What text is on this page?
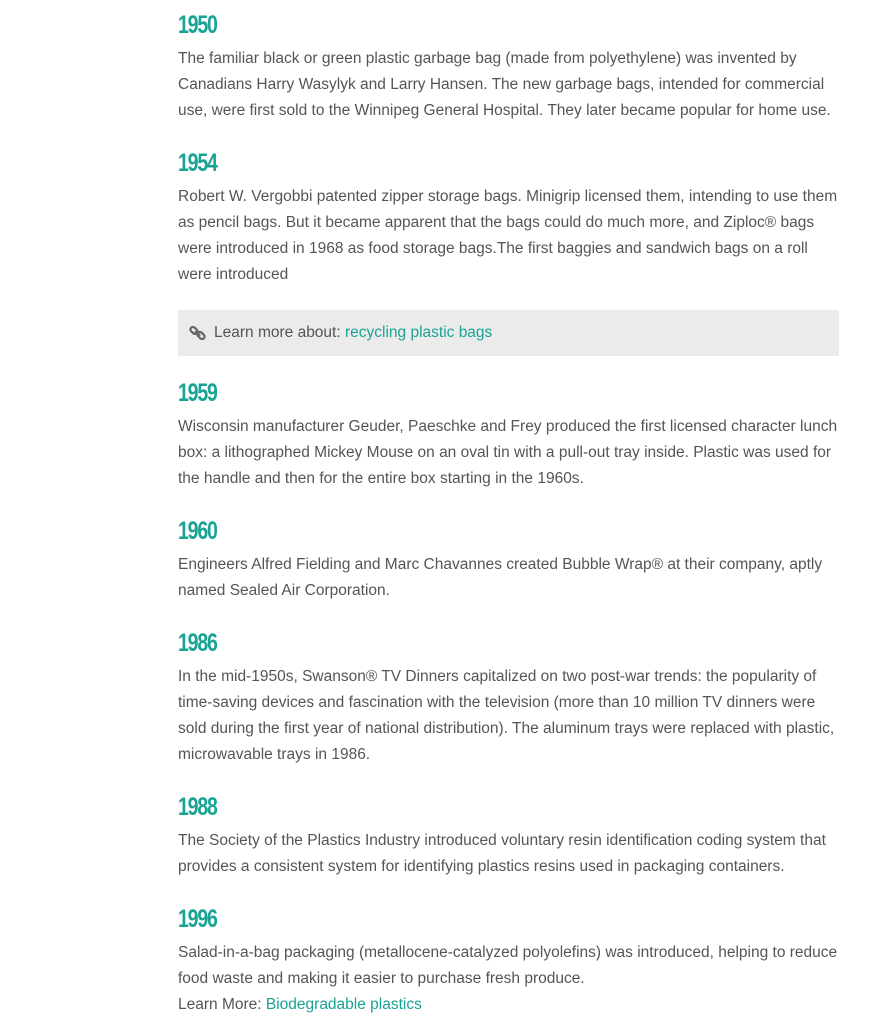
1950

The familiar black or green plastic garbage bag (made from polyethylene) was invented by Canadians Harry Wasylyk and Larry Hansen. The new garbage bags, intended for commercial use, were first sold to the Winnipeg General Hospital. They later became popular for home use.

1954

Robert W. Vergobbi patented zipper storage bags. Minigrip licensed them, intending to use them as pencil bags. But it became apparent that the bags could do much more, and Ziploc® bags were introduced in 1968 as food storage bags.The first baggies and sandwich bags on a roll were introduced

Learn more about:
recycling plastic bags
1959

Wisconsin manufacturer Geuder, Paeschke and Frey produced the first licensed character lunch box: a lithographed Mickey Mouse on an oval tin with a pull-out tray inside. Plastic was used for the handle and then for the entire box starting in the 1960s.

1960

Engineers Alfred Fielding and Marc Chavannes created Bubble Wrap® at their company, aptly named Sealed Air Corporation.

1986

In the mid-1950s, Swanson® TV Dinners capitalized on two post-war trends: the popularity of time-saving devices and fascination with the television (more than 10 million TV dinners were sold during the first year of national distribution). The aluminum trays were replaced with plastic, microwavable trays in 1986.

1988

The Society of the Plastics Industry introduced voluntary resin identification coding system that provides a consistent system for identifying plastics resins used in packaging containers.

1996

Salad-in-a-bag packaging (metallocene-catalyzed polyolefins) was introduced, helping to reduce food waste and making it easier to purchase fresh produce.

Learn More: Biodegradable plastics
